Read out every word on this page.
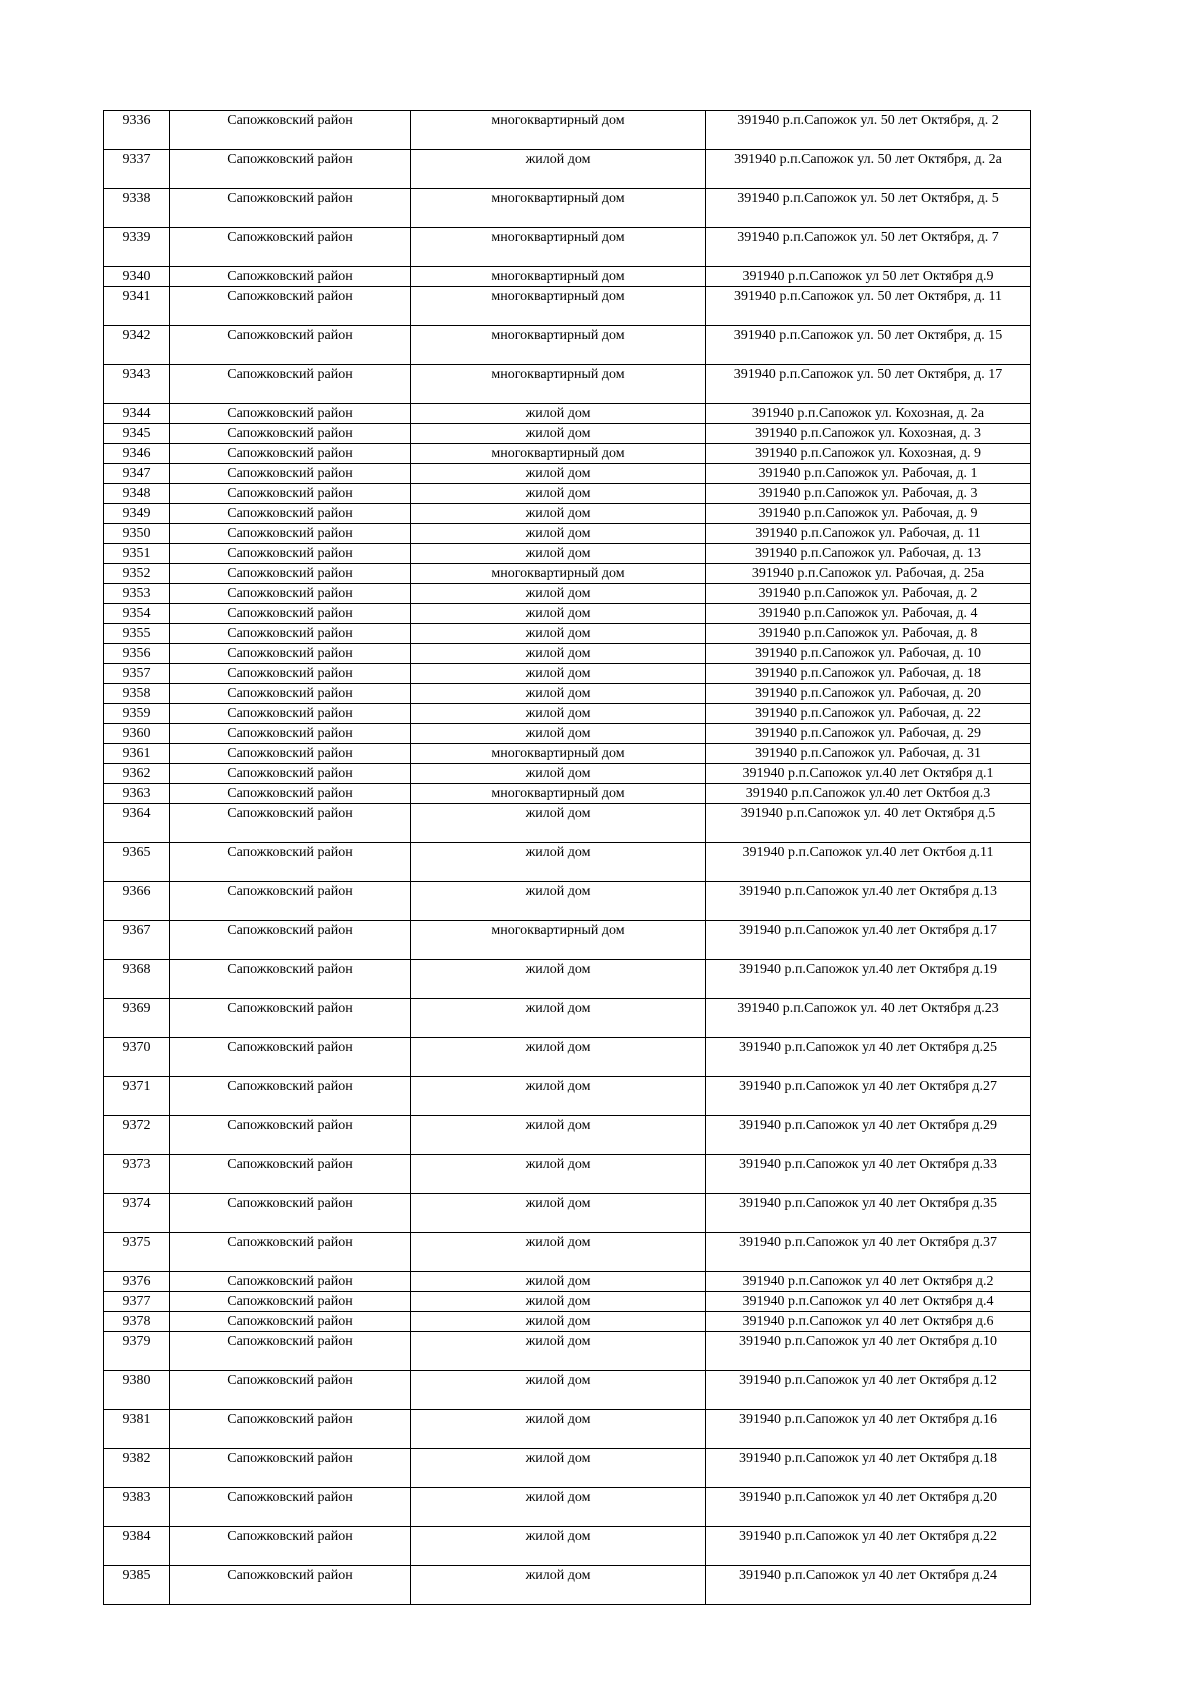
9336	Сапожковский район	многоквартирный дом	391940 р.п.Сапожок ул. 50 лет Октября, д. 2
9337	Сапожковский район	жилой дом	391940 р.п.Сапожок ул. 50 лет Октября, д. 2а
9338	Сапожковский район	многоквартирный дом	391940 р.п.Сапожок ул. 50 лет Октября, д. 5
9339	Сапожковский район	многоквартирный дом	391940 р.п.Сапожок ул. 50 лет Октября, д. 7
9340	Сапожковский район	многоквартирный дом	391940 р.п.Сапожок ул 50 лет Октября д.9
9341	Сапожковский район	многоквартирный дом	391940 р.п.Сапожок ул. 50 лет Октября, д. 11
9342	Сапожковский район	многоквартирный дом	391940 р.п.Сапожок ул. 50 лет Октября, д. 15
9343	Сапожковский район	многоквартирный дом	391940 р.п.Сапожок ул. 50 лет Октября, д. 17
9344	Сапожковский район	жилой дом	391940 р.п.Сапожок ул. Кохозная, д. 2а
9345	Сапожковский район	жилой дом	391940 р.п.Сапожок ул. Кохозная, д. 3
9346	Сапожковский район	многоквартирный дом	391940 р.п.Сапожок ул. Кохозная, д. 9
9347	Сапожковский район	жилой дом	391940 р.п.Сапожок ул. Рабочая, д. 1
9348	Сапожковский район	жилой дом	391940 р.п.Сапожок ул. Рабочая, д. 3
9349	Сапожковский район	жилой дом	391940 р.п.Сапожок ул. Рабочая, д. 9
9350	Сапожковский район	жилой дом	391940 р.п.Сапожок ул. Рабочая, д. 11
9351	Сапожковский район	жилой дом	391940 р.п.Сапожок ул. Рабочая, д. 13
9352	Сапожковский район	многоквартирный дом	391940 р.п.Сапожок ул. Рабочая, д. 25а
9353	Сапожковский район	жилой дом	391940 р.п.Сапожок ул. Рабочая, д. 2
9354	Сапожковский район	жилой дом	391940 р.п.Сапожок ул. Рабочая, д. 4
9355	Сапожковский район	жилой дом	391940 р.п.Сапожок ул. Рабочая, д. 8
9356	Сапожковский район	жилой дом	391940 р.п.Сапожок ул. Рабочая, д. 10
9357	Сапожковский район	жилой дом	391940 р.п.Сапожок ул. Рабочая, д. 18
9358	Сапожковский район	жилой дом	391940 р.п.Сапожок ул. Рабочая, д. 20
9359	Сапожковский район	жилой дом	391940 р.п.Сапожок ул. Рабочая, д. 22
9360	Сапожковский район	жилой дом	391940 р.п.Сапожок ул. Рабочая, д. 29
9361	Сапожковский район	многоквартирный дом	391940 р.п.Сапожок ул. Рабочая, д. 31
9362	Сапожковский район	жилой дом	391940 р.п.Сапожок ул.40 лет Октября д.1
9363	Сапожковский район	многоквартирный дом	391940 р.п.Сапожок ул.40 лет Октбоя д.3
9364	Сапожковский район	жилой дом	391940 р.п.Сапожок ул. 40 лет Октября д.5
9365	Сапожковский район	жилой дом	391940 р.п.Сапожок ул.40 лет Октбоя д.11
9366	Сапожковский район	жилой дом	391940 р.п.Сапожок ул.40 лет Октября д.13
9367	Сапожковский район	многоквартирный дом	391940 р.п.Сапожок ул.40 лет Октября д.17
9368	Сапожковский район	жилой дом	391940 р.п.Сапожок ул.40 лет Октября д.19
9369	Сапожковский район	жилой дом	391940 р.п.Сапожок ул. 40 лет Октября д.23
9370	Сапожковский район	жилой дом	391940 р.п.Сапожок ул 40 лет Октября д.25
9371	Сапожковский район	жилой дом	391940 р.п.Сапожок ул 40 лет Октября д.27
9372	Сапожковский район	жилой дом	391940 р.п.Сапожок ул 40 лет Октября д.29
9373	Сапожковский район	жилой дом	391940 р.п.Сапожок ул 40 лет Октября д.33
9374	Сапожковский район	жилой дом	391940 р.п.Сапожок ул 40 лет Октября д.35
9375	Сапожковский район	жилой дом	391940 р.п.Сапожок ул 40 лет Октября д.37
9376	Сапожковский район	жилой дом	391940 р.п.Сапожок ул 40 лет Октября д.2
9377	Сапожковский район	жилой дом	391940 р.п.Сапожок ул 40 лет Октября д.4
9378	Сапожковский район	жилой дом	391940 р.п.Сапожок ул 40 лет Октября д.6
9379	Сапожковский район	жилой дом	391940 р.п.Сапожок ул 40 лет Октября д.10
9380	Сапожковский район	жилой дом	391940 р.п.Сапожок ул 40 лет Октября д.12
9381	Сапожковский район	жилой дом	391940 р.п.Сапожок ул 40 лет Октября д.16
9382	Сапожковский район	жилой дом	391940 р.п.Сапожок ул 40 лет Октября д.18
9383	Сапожковский район	жилой дом	391940 р.п.Сапожок ул 40 лет Октября д.20
9384	Сапожковский район	жилой дом	391940 р.п.Сапожок ул 40 лет Октября д.22
9385	Сапожковский район	жилой дом	391940 р.п.Сапожок ул 40 лет Октября д.24
